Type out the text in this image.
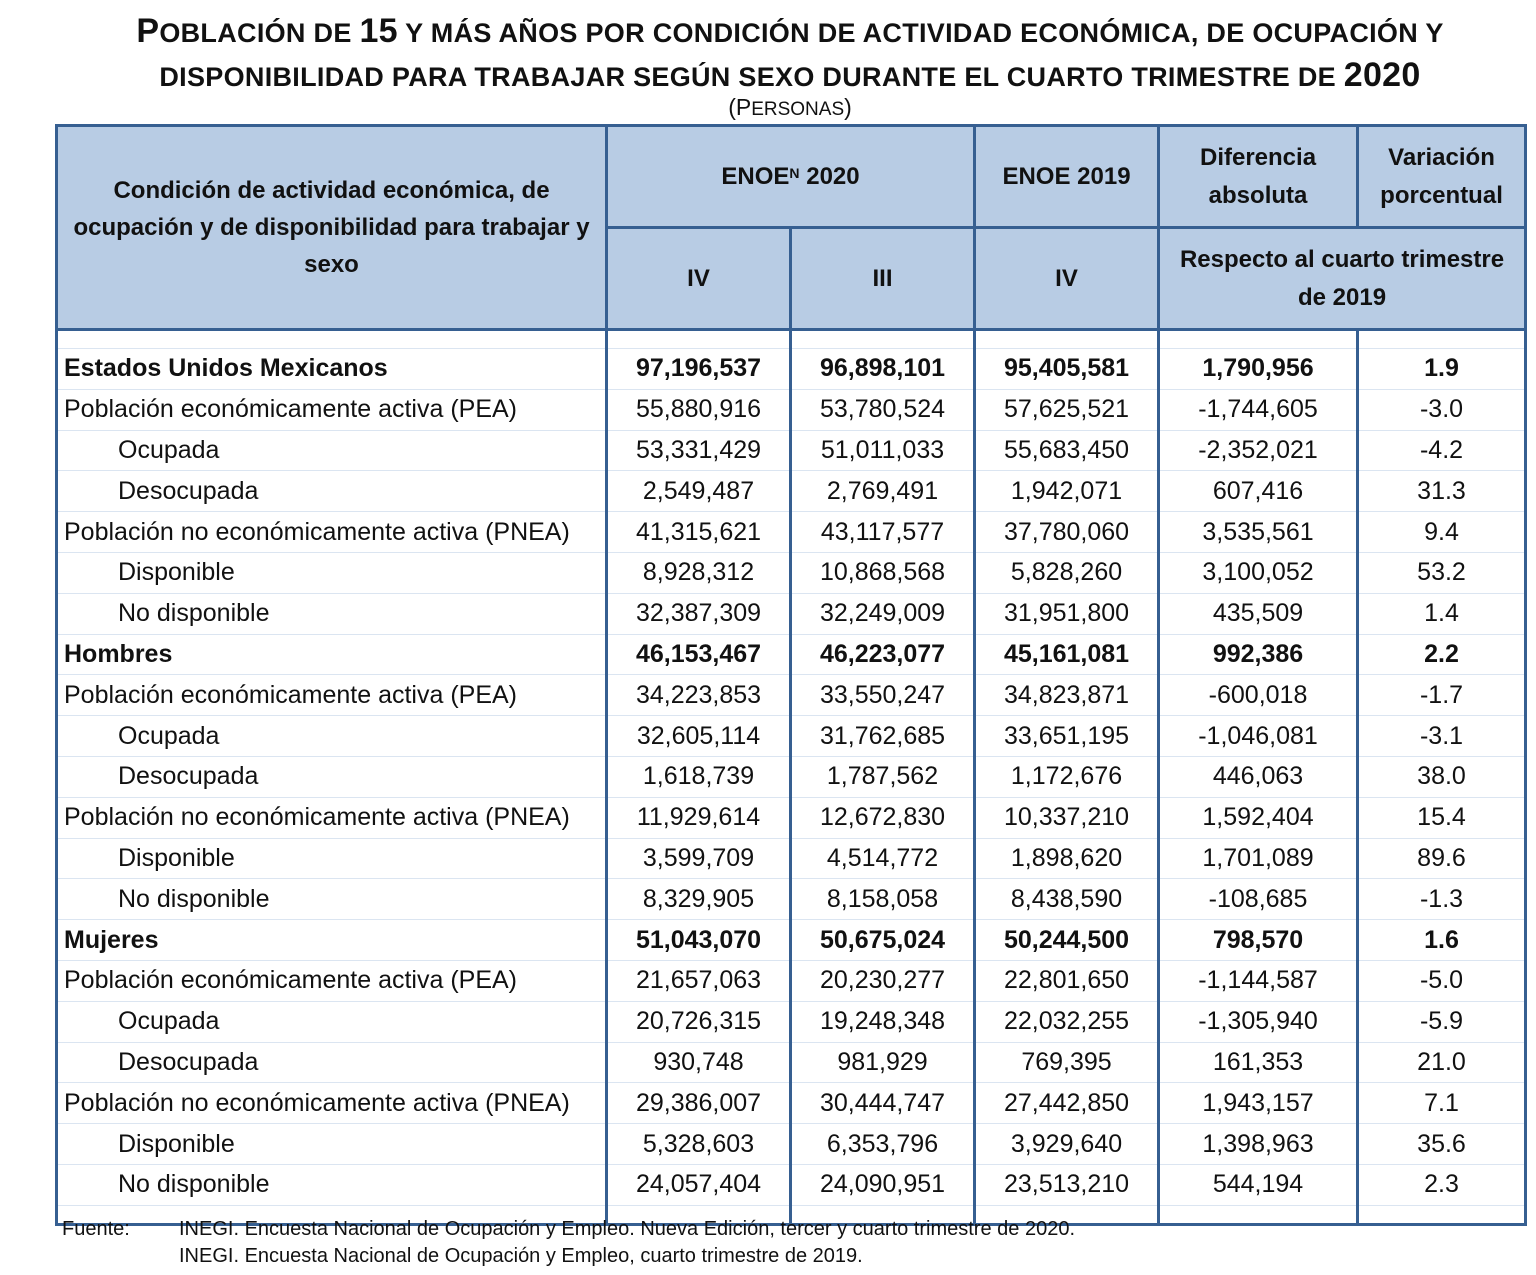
POBLACIÓN DE 15 Y MÁS AÑOS POR CONDICIÓN DE ACTIVIDAD ECONÓMICA, DE OCUPACIÓN Y
DISPONIBILIDAD PARA TRABAJAR SEGÚN SEXO DURANTE EL CUARTO TRIMESTRE DE 2020
(PERSONAS)
Condición de actividad económica, de ocupación y de disponibilidad para trabajar y sexo	$ENOE^N$ 2020		ENOE 2019	Diferencia absoluta	Variación porcentual
	IV	III	IV	Respecto al cuarto trimestre de 2019	

Estados Unidos Mexicanos	97,196,537	96,898,101	95,405,581	1,790,956	1.9
Población económicamente activa (PEA)	55,880,916	53,780,524	57,625,521	-1,744,605	-3.0
Ocupada	53,331,429	51,011,033	55,683,450	-2,352,021	-4.2
Desocupada	2,549,487	2,769,491	1,942,071	607,416	31.3
Población no económicamente activa (PNEA)	41,315,621	43,117,577	37,780,060	3,535,561	9.4
Disponible	8,928,312	10,868,568	5,828,260	3,100,052	53.2
No disponible	32,387,309	32,249,009	31,951,800	435,509	1.4
Hombres	46,153,467	46,223,077	45,161,081	992,386	2.2
Población económicamente activa (PEA)	34,223,853	33,550,247	34,823,871	-600,018	-1.7
Ocupada	32,605,114	31,762,685	33,651,195	-1,046,081	-3.1
Desocupada	1,618,739	1,787,562	1,172,676	446,063	38.0
Población no económicamente activa (PNEA)	11,929,614	12,672,830	10,337,210	1,592,404	15.4
Disponible	3,599,709	4,514,772	1,898,620	1,701,089	89.6
No disponible	8,329,905	8,158,058	8,438,590	-108,685	-1.3
Mujeres	51,043,070	50,675,024	50,244,500	798,570	1.6
Población económicamente activa (PEA)	21,657,063	20,230,277	22,801,650	-1,144,587	-5.0
Ocupada	20,726,315	19,248,348	22,032,255	-1,305,940	-5.9
Desocupada	930,748	981,929	769,395	161,353	21.0
Población no económicamente activa (PNEA)	29,386,007	30,444,747	27,442,850	1,943,157	7.1
Disponible	5,328,603	6,353,796	3,929,640	1,398,963	35.6
No disponible	24,057,404	24,090,951	23,513,210	544,194	2.3

Fuente: INEGI. Encuesta Nacional de Ocupación y Empleo. Nueva Edición, tercer y cuarto trimestre de 2020.
INEGI. Encuesta Nacional de Ocupación y Empleo, cuarto trimestre de 2019.
